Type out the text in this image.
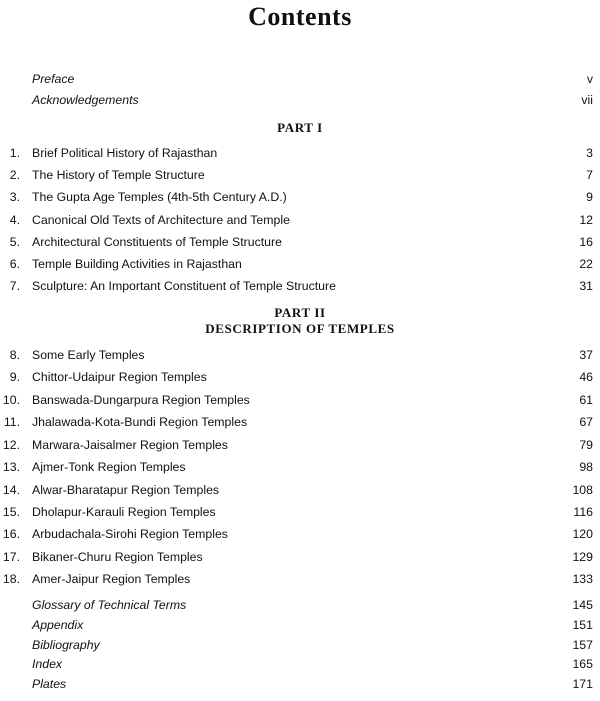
Contents
Preface	v
Acknowledgements	vii
PART I
1. Brief Political History of Rajasthan	3
2. The History of Temple Structure	7
3. The Gupta Age Temples (4th-5th Century A.D.)	9
4. Canonical Old Texts of Architecture and Temple	12
5. Architectural Constituents of Temple Structure	16
6. Temple Building Activities in Rajasthan	22
7. Sculpture: An Important Constituent of Temple Structure	31
PART II
DESCRIPTION OF TEMPLES
8. Some Early Temples	37
9. Chittor-Udaipur Region Temples	46
10. Banswada-Dungarpura Region Temples	61
11. Jhalawada-Kota-Bundi Region Temples	67
12. Marwara-Jaisalmer Region Temples	79
13. Ajmer-Tonk Region Temples	98
14. Alwar-Bharatapur Region Temples	108
15. Dholapur-Karauli Region Temples	116
16. Arbudachala-Sirohi Region Temples	120
17. Bikaner-Churu Region Temples	129
18. Amer-Jaipur Region Temples	133
Glossary of Technical Terms	145
Appendix	151
Bibliography	157
Index	165
Plates	171
